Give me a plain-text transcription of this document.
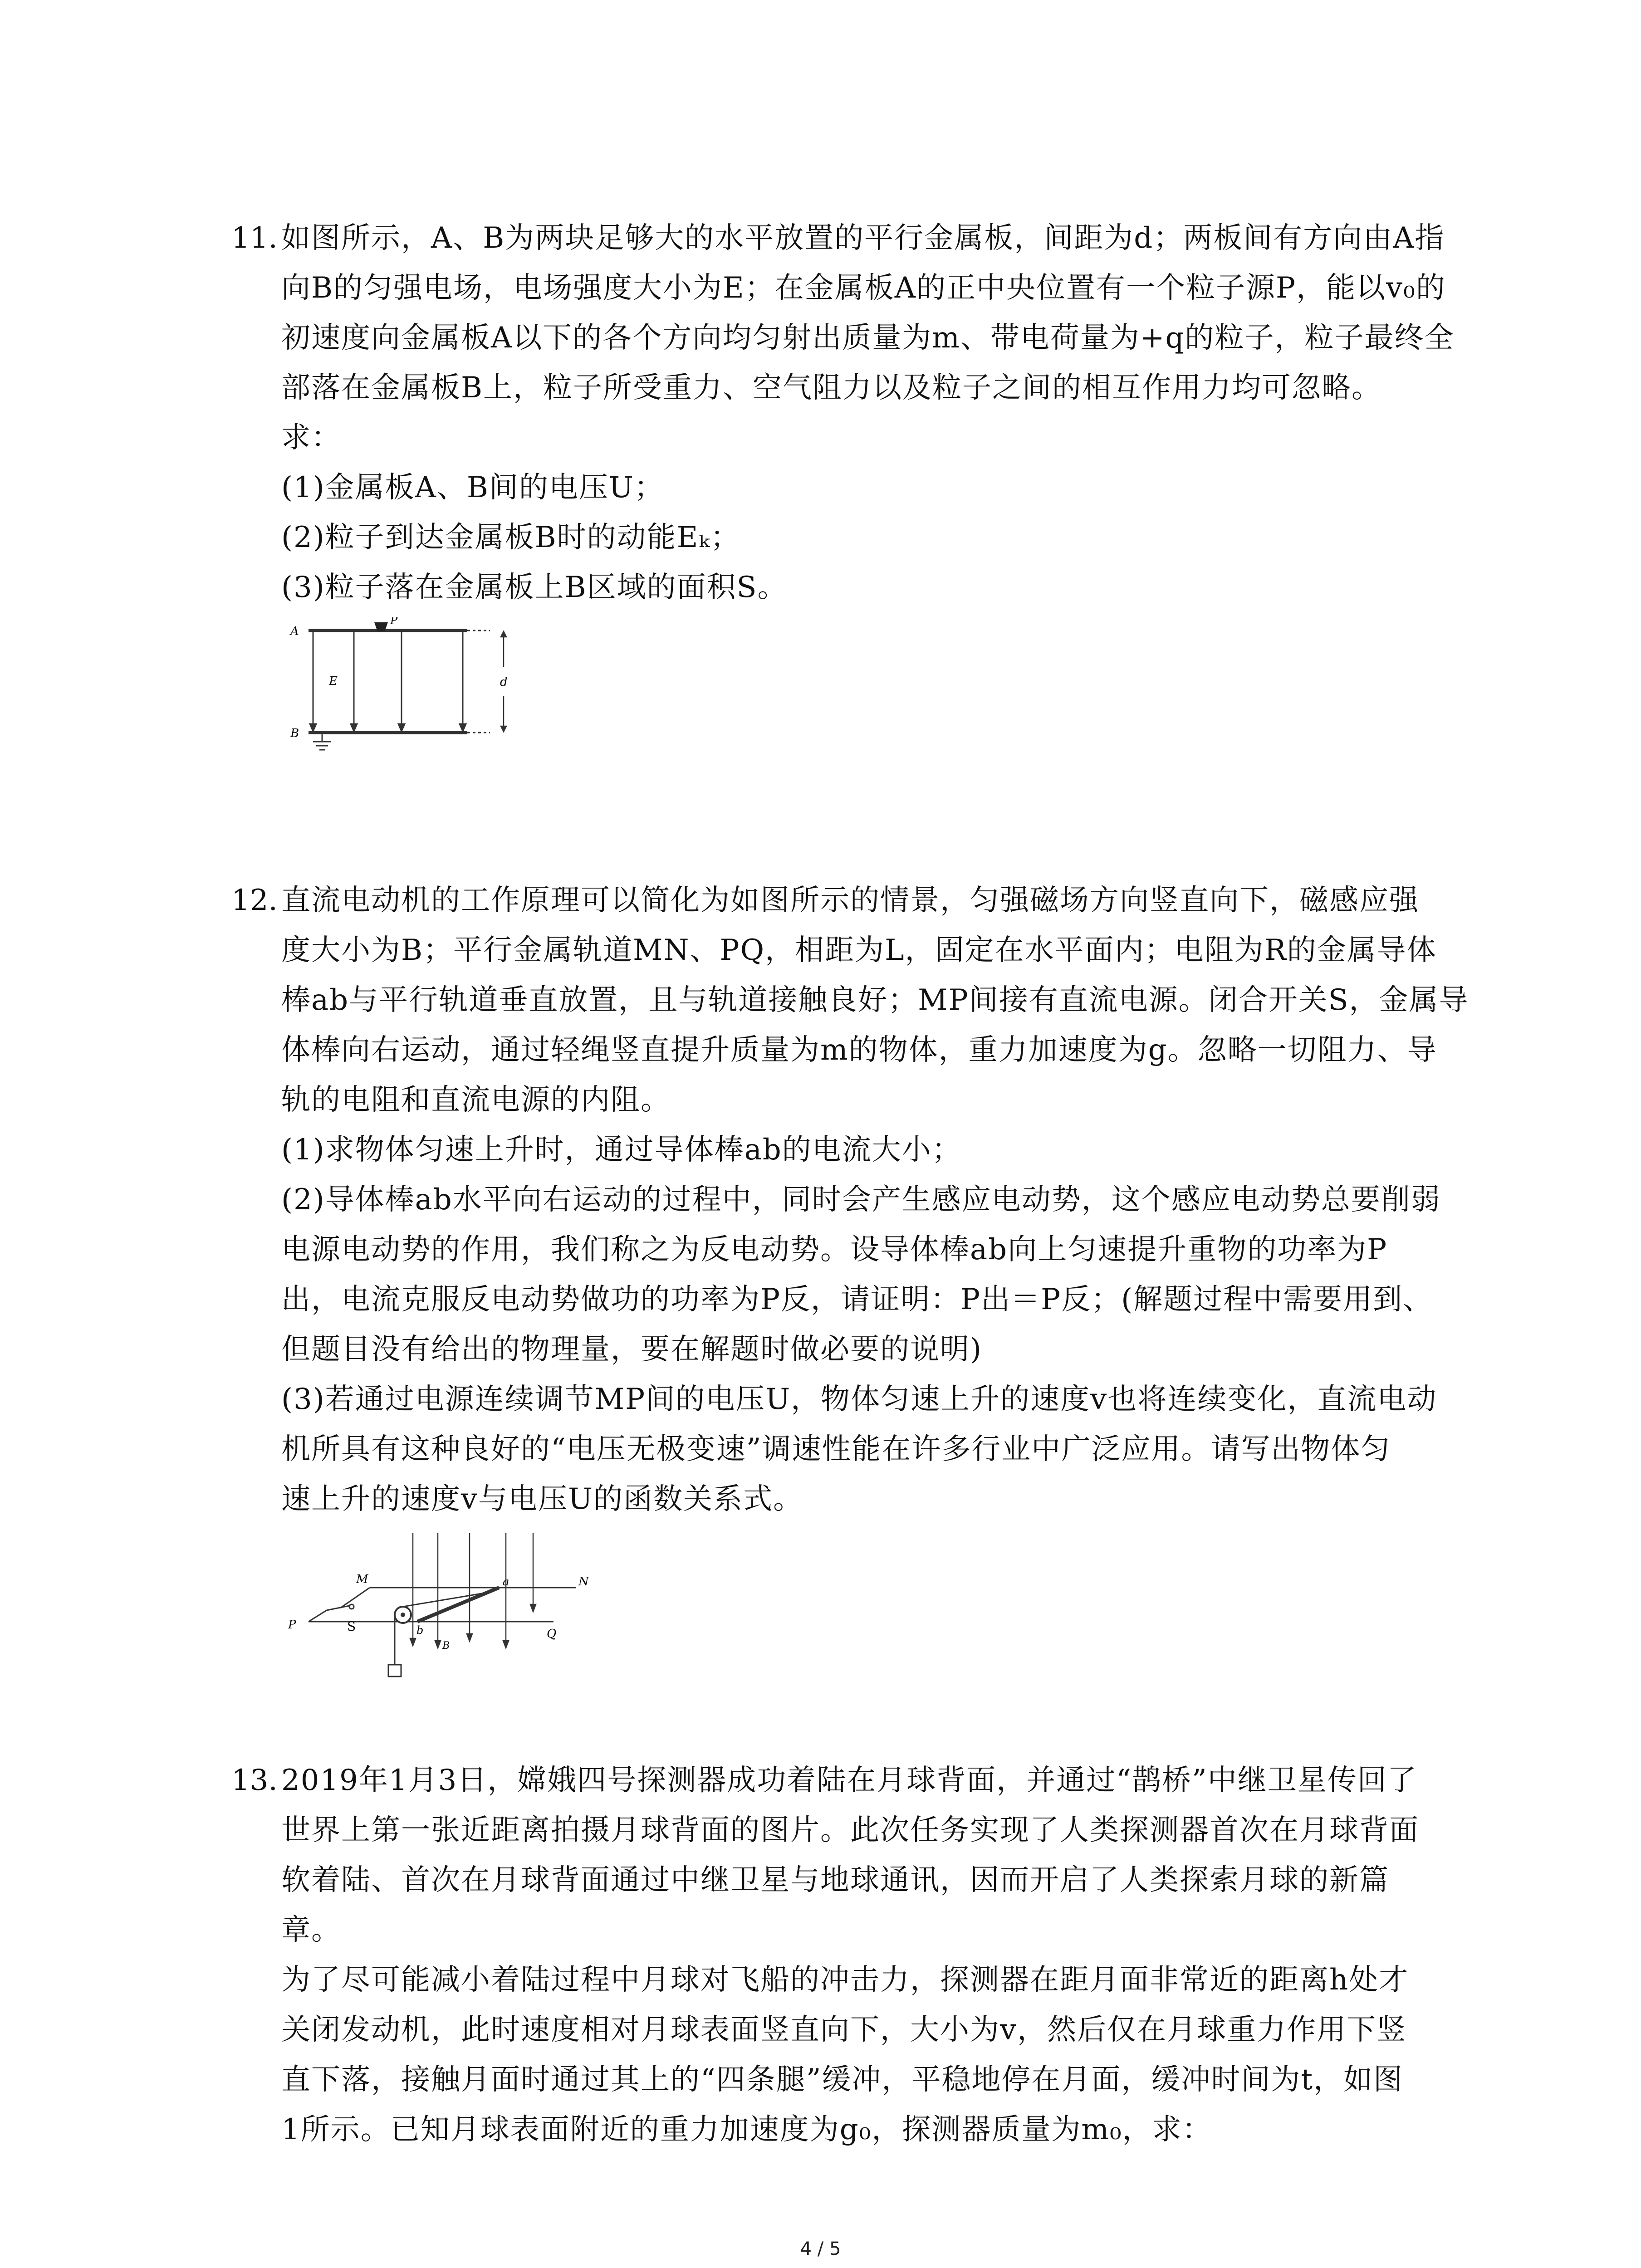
11. 如图所示，A、B为两块足够大的水平放置的平行金属板，间距为d；两板间有方向由A指
向B的匀强电场，电场强度大小为E；在金属板A的正中央位置有一个粒子源P，能以v₀的
初速度向金属板A以下的各个方向均匀射出质量为m、带电荷量为+q的粒子，粒子最终全
部落在金属板B上，粒子所受重力、空气阻力以及粒子之间的相互作用力均可忽略。
求：
(1)金属板A、B间的电压U；
(2)粒子到达金属板B时的动能Eₖ；
(3)粒子落在金属板上B区域的面积S。
A
B
P
E	d
12. 直流电动机的工作原理可以简化为如图所示的情景，匀强磁场方向竖直向下，磁感应强
度大小为B；平行金属轨道MN、PQ，相距为L，固定在水平面内；电阻为R的金属导体
棒ab与平行轨道垂直放置，且与轨道接触良好；MP间接有直流电源。闭合开关S，金属导
体棒向右运动，通过轻绳竖直提升质量为m的物体，重力加速度为g。忽略一切阻力、导
轨的电阻和直流电源的内阻。
(1)求物体匀速上升时，通过导体棒ab的电流大小；
(2)导体棒ab水平向右运动的过程中，同时会产生感应电动势，这个感应电动势总要削弱
电源电动势的作用，我们称之为反电动势。设导体棒ab向上匀速提升重物的功率为P
出，电流克服反电动势做功的功率为P反，请证明：P出＝P反；(解题过程中需要用到、
但题目没有给出的物理量，要在解题时做必要的说明)
(3)若通过电源连续调节MP间的电压U，物体匀速上升的速度v也将连续变化，直流电动
机所具有这种良好的“电压无极变速”调速性能在许多行业中广泛应用。请写出物体匀
速上升的速度v与电压U的函数关系式。
M	N
P
Q
S
a
b
B
13. 2019年1月3日，嫦娥四号探测器成功着陆在月球背面，并通过“鹊桥”中继卫星传回了
世界上第一张近距离拍摄月球背面的图片。此次任务实现了人类探测器首次在月球背面
软着陆、首次在月球背面通过中继卫星与地球通讯，因而开启了人类探索月球的新篇
章。
为了尽可能减小着陆过程中月球对飞船的冲击力，探测器在距月面非常近的距离h处才
关闭发动机，此时速度相对月球表面竖直向下，大小为v，然后仅在月球重力作用下竖
直下落，接触月面时通过其上的“四条腿”缓冲，平稳地停在月面，缓冲时间为t，如图
1所示。已知月球表面附近的重力加速度为g₀，探测器质量为m₀，求：
4 / 5
